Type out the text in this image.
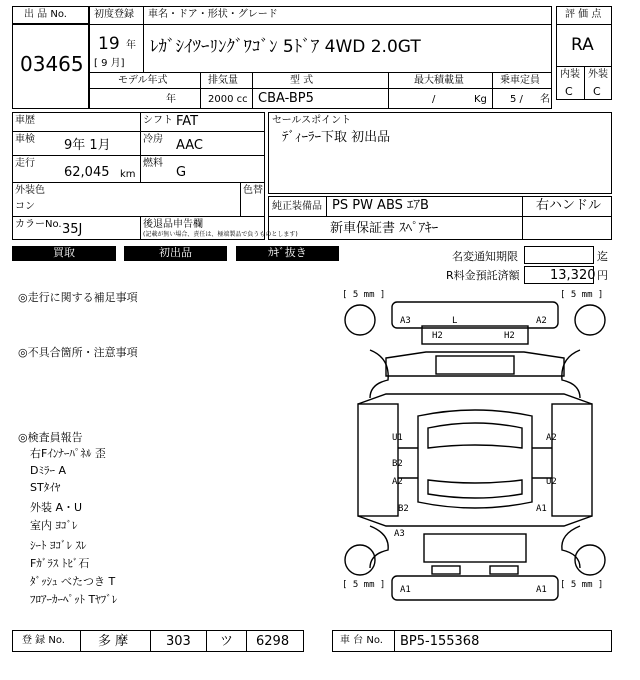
出 品 No.
03465
初度登録 車名・ドア・形状・グレード
19 年
[ 9 月]
ﾚｶﾞｼｲﾂｰﾘﾝｸﾞﾜｺﾞﾝ 5ﾄﾞｱ 4WD 2.0GT
モデル年式	排気量	型 式	最大積載量	乗車定員
年	2000 cc CBA-BP5	/	Kg 5 / 名
評 価 点
RA
内装 外装
C C
車歴	シフト FAT
車検 9年 1月	冷房 AAC
走行
62,045 km
燃料
G
外装色
コン
色替
カラーNo. 35J	後退品申告欄
(記載が無い場合、責任は、極端製品で負うものとします)
セールスポイント
ﾃﾞｨｰﾗｰ下取 初出品
純正装備品 PS PW ABS ｴｱB	右ハンドル
新車保証書 ｽﾍﾟｱｷｰ
買取	初出品	ｶｷﾞ抜き	名変通知期限	迄
R料金預託済額 13,320 円
◎走行に関する補足事項
◎不具合箇所・注意事項
◎検査員報告
右Fｲﾝﾅｰﾊﾟﾈﾙ 歪
Dﾐﾗｰ A
STﾀｲﾔ
外装 A・U
室内 ﾖｺﾞﾚ
ｼｰﾄ ﾖｺﾞﾚ ｽﾚ
Fｶﾞﾗｽ ﾄﾋﾞ石
ﾀﾞｯｼｭ べたつき T
ﾌﾛｱｰｶｰﾍﾟｯﾄ Tﾔﾌﾞﾚ
[ 5 mm ]	[ 5 mm ]
[ 5 mm ]	[ 5 mm ]
A3	L	A2
H2	H2
U1	A2
B2
A2	U2
B2	A1
A3
A1	A1
登 録 No.	多 摩	303 ツ 6298	車 台 No. BP5-155368
